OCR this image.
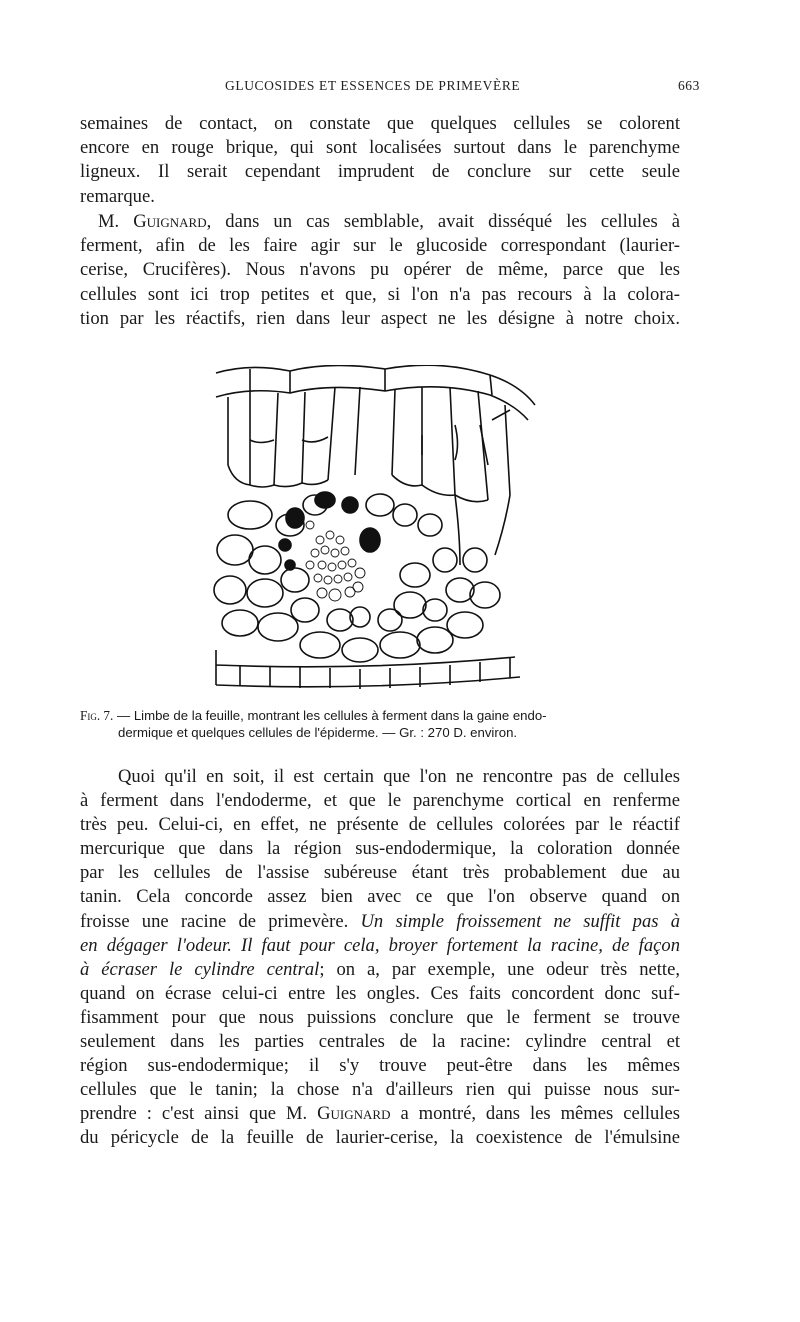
GLUCOSIDES ET ESSENCES DE PRIMEVÈRE	663
semaines de contact, on constate que quelques cellules se colorent
encore en rouge brique, qui sont localisées surtout dans le parenchyme
ligneux. Il serait cependant imprudent de conclure sur cette seule
remarque.
M. Guignard, dans un cas semblable, avait disséqué les cellules à
ferment, afin de les faire agir sur le glucoside correspondant (laurier-
cerise, Crucifères). Nous n'avons pu opérer de même, parce que les
cellules sont ici trop petites et que, si l'on n'a pas recours à la colora-
tion par les réactifs, rien dans leur aspect ne les désigne à notre choix.
Fig. 7. — Limbe de la feuille, montrant les cellules à ferment dans la gaine endo-
dermique et quelques cellules de l'épiderme. — Gr. : 270 D. environ.
Quoi qu'il en soit, il est certain que l'on ne rencontre pas de cellules
à ferment dans l'endoderme, et que le parenchyme cortical en renferme
très peu. Celui-ci, en effet, ne présente de cellules colorées par le réactif
mercurique que dans la région sus-endodermique, la coloration donnée
par les cellules de l'assise subéreuse étant très probablement due au
tanin. Cela concorde assez bien avec ce que l'on observe quand on
froisse une racine de primevère. Un simple froissement ne suffit pas à
en dégager l'odeur. Il faut pour cela, broyer fortement la racine, de façon
à écraser le cylindre central; on a, par exemple, une odeur très nette,
quand on écrase celui-ci entre les ongles. Ces faits concordent donc suf-
fisamment pour que nous puissions conclure que le ferment se trouve
seulement dans les parties centrales de la racine: cylindre central et
région sus-endodermique; il s'y trouve peut-être dans les mêmes
cellules que le tanin; la chose n'a d'ailleurs rien qui puisse nous sur-
prendre : c'est ainsi que M. Guignard a montré, dans les mêmes cellules
du péricycle de la feuille de laurier-cerise, la coexistence de l'émulsine
